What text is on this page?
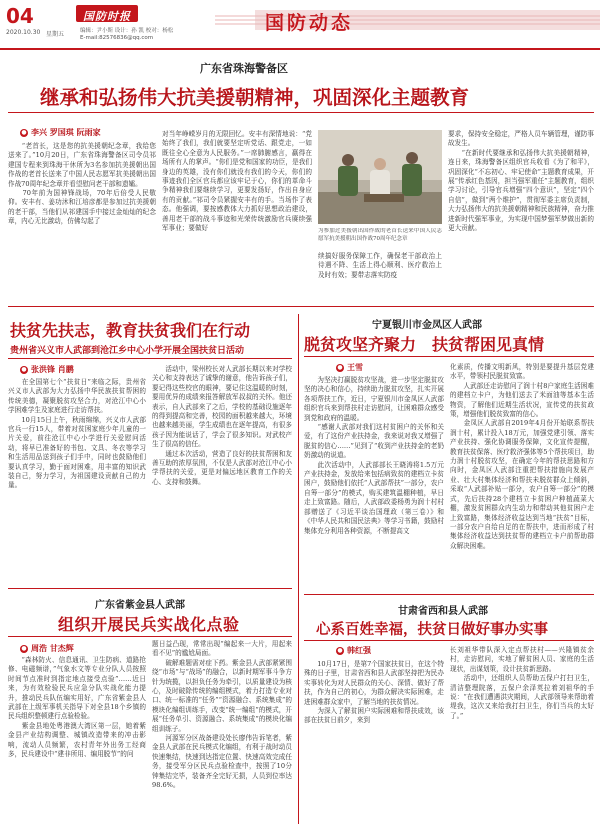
04
2020.10.30 星期五
国防时报
编辑：尹小斯 设计：孙 凯 校对：杨松
E-mail:82576836@qq.com
国防动态
广东省珠海警备区
继承和弘扬伟大抗美援朝精神，巩固深化主题教育
● 李兴 罗国琪 阮雨家
　　“老首长，这是您的抗美援朝纪念章，我给您送来了。”10月20日，广东省珠海警备区司令员祁建国专程来到珠海干休所为3名参加抗美援朝出国作战的老首长送来了中国人民志愿军抗美援朝出国作战70周年纪念章并看望慰问老干部和遗孀。
　　70年前为国神锋战场，70年后倍受人民敬仰。安丰有、姜功沐和江培彦都是参加过抗美援朝的老干部，当他们从祁建国手中接过金灿灿的纪念章，内心无比激动，仿佛勾起了
对当年峥嵘岁月的无限回忆。安丰有深情地说：“党始终了我们，我们就要坚定听党话、跟党走，一如既往全心全意为人民服务。”一席肺腑感言，赢得在场所有人的掌声。“你们是党和国家的功臣，是我们身边的英雄，没有你们就没有我们的今天，你们的事迹我们全区官兵都应该牢记于心，你们的革命斗争精神我们要继续学习，更要发扬好，作出自身应有的贡献。”祁司令员紧握安丰有的手。当场作了表态。他强调，要按感教体大力抓好思想政治建设，善用老干部的战斗事迹和光荣传统激励官兵赓续强军事业；要做好	为参加过美援朝出国作战的老首长送来中国人民志愿军抗美援朝出国作战70周年纪念章
续搞好服务保障工作，确保老干部政治上待遇不降、生活上得心顺利、医疗救治上及时有效；要带志落实防疫
要求，保持安全稳定，严格人员车辆管理，谨防事故发生。
　　“在新时代要继承和弘扬伟大抗美援朝精神，连日来，珠海警备区组织官兵收看《为了和平》，巩固深化“不忘初心、牢记使命”主题教育成果，开展“传承红色基因，担当强军重任”主题教育，组织学习讨论，引导官兵增强“四个意识”，坚定“四个自信”，做到“两个维护”，贯彻军委主席负责制，大力弘扬伟大的抗美援朝精神和民族精神，奋力推进新时代强军事业，为实现中国梦强军梦做出新的更大贡献。
扶贫先扶志，教育扶贫我们在行动
贵州省兴义市人武部到沧江乡中心小学开展全国扶贫日活动
● 张洪锋 肖鹏
　　在全国第七个“扶贫日”来临之际，贵州省兴义市人武部为大力弘扬中华民族扶贫帮困的传统美德，凝聚脱贫攻坚合力，对沧江中心小学困难学生及家庭进行走访帮扶。
　　10月15日上午，秋雨绵绵，兴义市人武部官兵一行15人，带着对贫困家庭少年儿童的一片关爱，前往沧江中心小学进行关爱慰问活动，将早已准备好的书包、文具、冬衣等学习和生活用品送到孩子们手中，同时也鼓励他们要认真学习，勤于面对困难，用丰富的知识武装自己，努力学习，为祖国建设贡献自己的力量。
　　活动中，梁州校长对人武部长期以来对学校关心和支持表达了诚挚的谢意，他告诉孩子们，要记得这些校官的眼神，要记住这温暖的时刻，要用优异的成绩来报答解放军叔叔的关怀。他还表示，自人武部来了之后，学校的基础设施逐年的得到提高和完善，校园的面积越来越大，环境也越来越美丽，学生成绩也在逐年提高，有很多孩子因为能说话了，学会了很多知识。对武校产生了很高的信任。
　　通过本次活动，营造了良好的扶贫帮困和友善互助的浓厚氛围，不仅是人武部对沧江中心小学帮扶的关爱，更是对偏远地区教育工作的关心、支持和鼓舞。
广东省紫金县人武部
组织开展民兵实战化点验
● 周浩 甘杰辉
　　“森林防火、信息通讯、卫生防病、道路抢修、电磁频谱，”气象水文等专业分队人员按照时间节点准时到指定地点接受点验”……近日来，为有效检验民兵应急分队实战化能力提升，推动民兵队伍编实用好，广东省紫金县人武部在上级军事机关指导下对全县18个乡镇的民兵组织整顿建行点验检验。
　　紫金县地处粤港澳大湾区第一层，她着紫金县产业结构调整、城镇改造带来的冲击影响，流动人员频繁，农村青年外出务工经商多，民兵建设中“建非所用、编用脱节”的问
题日益凸现，常常出现“编起来一大片，用起来看不见”的尴尬局面。
　　破解难题需对症下药。紫金县人武部紧紧围绕“市场”与“战场”的融合，以新时期军事斗争方针为统揽，以担负任务为牵引，以质量建设为核心，及时破除传统的编组模式，着力打造专业对口、统一标准的“任务”“资源融合、系统集成”的模块化编组训练手，改变“统一编组”的模式，开展“任务单引、资源融合、系统集成”的模块化编组训练子。
　　河源军分区战备建设处长廖伟告诉笔者，紫金县人武部在民兵模式化编组，有利于战时动员快速集结，快速到达指定位置、快速高效完成任务，接受军分区民兵点验检查中，按照了10分钟集结完毕，装备齐全完好无损，人员到位率达98.6%。
宁夏银川市金凤区人武部
脱贫攻坚齐聚力　扶贫帮困见真情
● 王雪
　　为坚决打赢脱贫攻坚战，进一步坚定脱贫攻坚的决心和信心，持续助力脱贫攻坚，扎实开展各项帮扶工作，近日，宁夏银川市金凤区人武部组织官兵来到帮扶村走访慰问，让困难群众感受到党和政府的温暖。
　　“感谢人武部对我们这村贫困户的关怀和关爱，有了这份产业扶持金，我来说对我又增强了脱贫的信心……”见到了“收到产业扶持金的老奶奶激动的说道。
　　此次活动中，人武部部长王晓涛将1.5万元产业扶持金，发放给来包括病致贫的建档立卡贫困户，鼓励他们依托“人武部帮扶”一部分，农户自筹一部分”的模式，购买建筑温棚种植，早日走上致富路。随后，人武部政委杨勇为润十村村部赠送了《习近平谈治国理政（第三卷）》和《中华人民共和国民法典》等学习书籍，鼓励村集体充分利用各种资源，不断提高文
化素质，传播文明新风，特别是要提升基层党建水平，带领村民脱贫致富。
　　人武部还走访慰问了润十村8户家庭生活困难的建档立卡户，为他们送去了米面油等基本生活物资，了解他们近期生活状况，宣传党的扶贫政策，增强他们脱贫致富的信心。
　　金凤区人武部自2019年4月份开始联系帮扶润十村，累计投入18万元，加强党建引领、落实产业扶持、强化协调服务保障，文化宣传提醒，教育扶贫保落、医疗救济强体等5个帮扶项目，助力润十村脱贫攻坚，在确定今年的帮扶思路和方向时，金凤区人武部注重把帮扶措施向发展产业、壮大村集体经济和帮扶未脱贫群众上倾斜，采取“人武部补贴一部分，农户自筹一部分”的模式，先后扶持28个建档立卡贫困户种植蔬菜大棚，激发贫困群众内生动力和带动其他贫困户走上致富路，集体经济收益达到当地“扶贫”目标，一部分农户自给自足的在帮扶中，进而形成了村集体经济收益达到扶贫帮的建档立卡户前帮助群众解决困难。
甘肃省西和县人武部
心系百姓幸福，扶贫日做好事办实事
● 韩红强
　　10月17日，是第7个国家扶贫日，在这个特殊的日子里，甘肃省西和县人武部坚持把为民办实事转化为对人民群众的关心、深情、做好了帮扶，作为自己的初心，为群众解决实际困难，走进困难群众家中，了解当地的扶贫情况。
　　为深入了解贫困户实际困难和帮扶成效，该部在扶贫日前夕，来到
长刘祖华带队深入定点帮扶村——兴隆镇贫余村，走访慰问，实地了解贫困人员、家庭的生活现状，出谋划策，设计扶贫新思路。
　　活动中，还组织人员帮助五保户打扫卫生，清洁整理院落，五保户余泽英拉着刘祖华的手说：“在我们遭遇洪灾期间，人武部领导来帮助着堤我，这次又来给我打扫卫生，你们当兵的太好了。”
